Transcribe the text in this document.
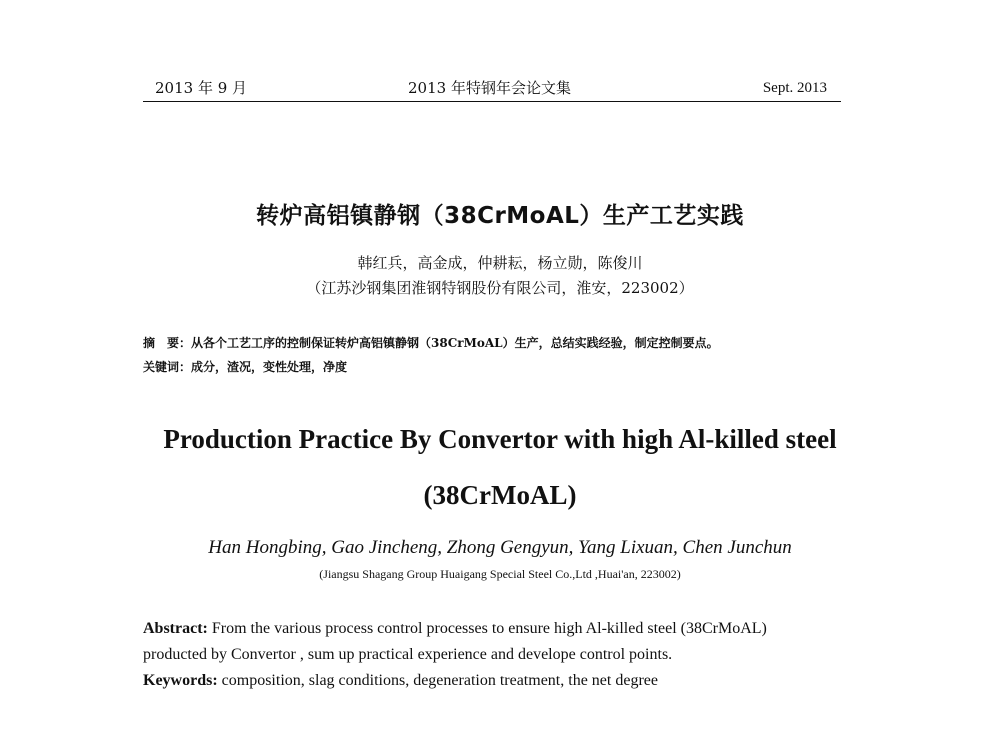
2013 年 9 月	2013 年特钢年会论文集	Sept. 2013
转炉高铝镇静钢（38CrMoAL）生产工艺实践
韩红兵，高金成，仲耕耘，杨立勋，陈俊川
（江苏沙钢集团淮钢特钢股份有限公司，淮安，223002）
摘　要：从各个工艺工序的控制保证转炉高铝镇静钢（38CrMoAL）生产，总结实践经验，制定控制要点。
关键词：成分，渣况，变性处理，净度
Production Practice By Convertor with high Al-killed steel
(38CrMoAL)
Han Hongbing, Gao Jincheng, Zhong Gengyun, Yang Lixuan, Chen Junchun
(Jiangsu Shagang Group Huaigang Special Steel Co.,Ltd ,Huai'an, 223002)
Abstract: From the various process control processes to ensure high Al-killed steel (38CrMoAL)
producted by Convertor , sum up practical experience and develope control points.
Keywords: composition, slag conditions, degeneration treatment, the net degree
